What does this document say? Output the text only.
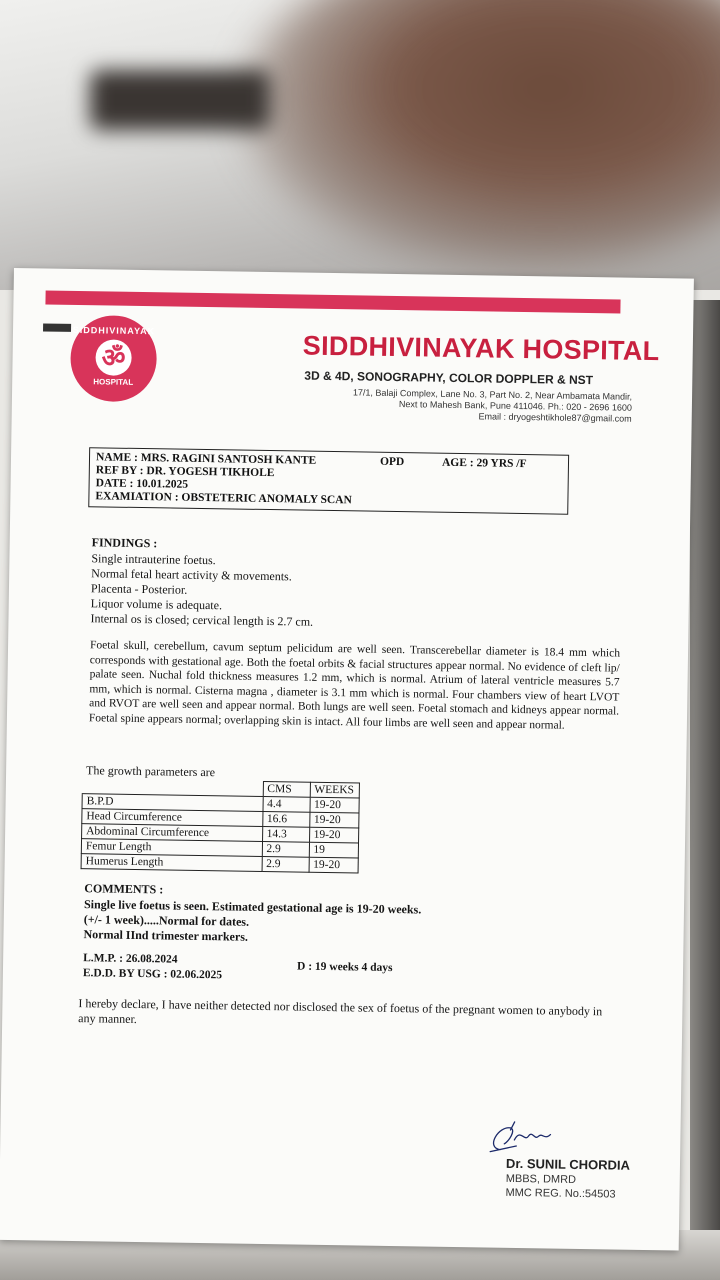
SIDDHIVINAYAK
ॐ
HOSPITAL
SIDDHIVINAYAK HOSPITAL
3D & 4D, SONOGRAPHY, COLOR DOPPLER & NST
17/1, Balaji Complex, Lane No. 3, Part No. 2, Near Ambamata Mandir,
Next to Mahesh Bank, Pune 411046. Ph.: 020 - 2696 1600
Email : dryogeshtikhole87@gmail.com
NAME : MRS. RAGINI SANTOSH KANTE	OPD	AGE : 29 YRS /F
REF BY : DR. YOGESH TIKHOLE
DATE : 10.01.2025
EXAMIATION : OBSTETERIC ANOMALY SCAN
FINDINGS :
Single intrauterine foetus.
Normal fetal heart activity & movements.
Placenta - Posterior.
Liquor volume is adequate.
Internal os is closed; cervical length is 2.7 cm.
Foetal skull, cerebellum, cavum septum pelicidum are well seen. Transcerebellar diameter is 18.4 mm which corresponds with gestational age. Both the foetal orbits & facial structures appear normal. No evidence of cleft lip/ palate seen. Nuchal fold thickness measures 1.2 mm, which is normal. Atrium of lateral ventricle measures 5.7 mm, which is normal. Cisterna magna , diameter is 3.1 mm which is normal. Four chambers view of heart LVOT and RVOT are well seen and appear normal. Both lungs are well seen. Foetal stomach and kidneys appear normal. Foetal spine appears normal; overlapping skin is intact. All four limbs are well seen and appear normal.
The growth parameters are
	CMS	WEEKS
B.P.D	4.4	19-20
Head Circumference	16.6	19-20
Abdominal Circumference	14.3	19-20
Femur Length	2.9	19
Humerus Length	2.9	19-20
COMMENTS :
Single live foetus is seen. Estimated gestational age is 19-20 weeks.
(+/- 1 week).....Normal for dates.
Normal IInd trimester markers.
L.M.P. : 26.08.2024
E.D.D. BY USG : 02.06.2025	D : 19 weeks 4 days
I hereby declare, I have neither detected nor disclosed the sex of foetus of the pregnant women to anybody in any manner.
Dr. SUNIL CHORDIA
MBBS, DMRD
MMC REG. No.:54503
